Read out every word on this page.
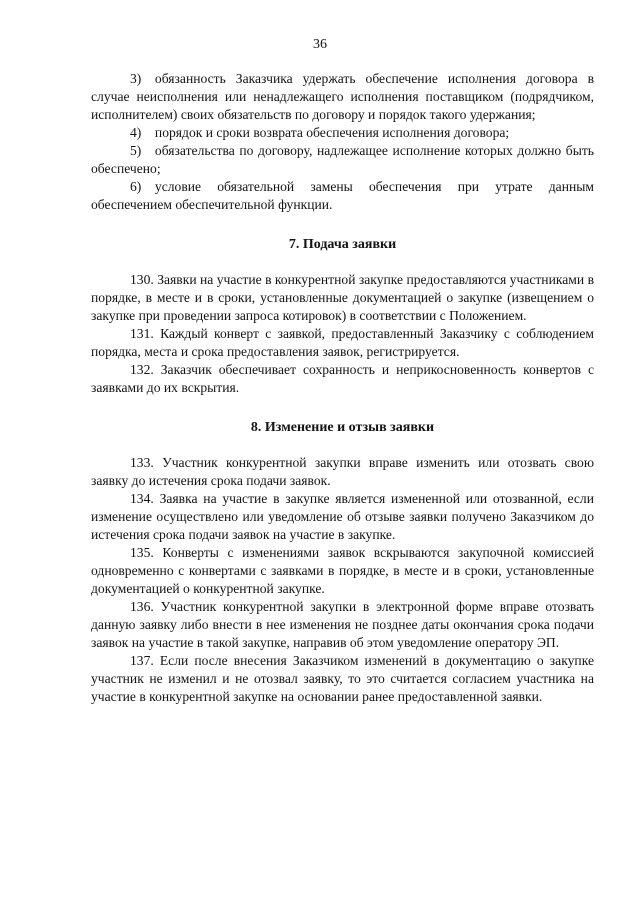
36

3) обязанность Заказчика удержать обеспечение исполнения договора в случае неисполнения или ненадлежащего исполнения поставщиком (подрядчиком, исполнителем) своих обязательств по договору и порядок такого удержания;

4) порядок и сроки возврата обеспечения исполнения договора;

5) обязательства по договору, надлежащее исполнение которых должно быть обеспечено;

6) условие обязательной замены обеспечения при утрате данным обеспечением обеспечительной функции.

7. Подача заявки

130. Заявки на участие в конкурентной закупке предоставляются участниками в порядке, в месте и в сроки, установленные документацией о закупке (извещением о закупке при проведении запроса котировок) в соответствии с Положением.

131. Каждый конверт с заявкой, предоставленный Заказчику с соблюдением порядка, места и срока предоставления заявок, регистрируется.

132. Заказчик обеспечивает сохранность и неприкосновенность конвертов с заявками до их вскрытия.

8. Изменение и отзыв заявки

133. Участник конкурентной закупки вправе изменить или отозвать свою заявку до истечения срока подачи заявок.

134. Заявка на участие в закупке является измененной или отозванной, если изменение осуществлено или уведомление об отзыве заявки получено Заказчиком до истечения срока подачи заявок на участие в закупке.

135. Конверты с изменениями заявок вскрываются закупочной комиссией одновременно с конвертами с заявками в порядке, в месте и в сроки, установленные документацией о конкурентной закупке.

136. Участник конкурентной закупки в электронной форме вправе отозвать данную заявку либо внести в нее изменения не позднее даты окончания срока подачи заявок на участие в такой закупке, направив об этом уведомление оператору ЭП.

137. Если после внесения Заказчиком изменений в документацию о закупке участник не изменил и не отозвал заявку, то это считается согласием участника на участие в конкурентной закупке на основании ранее предоставленной заявки.
